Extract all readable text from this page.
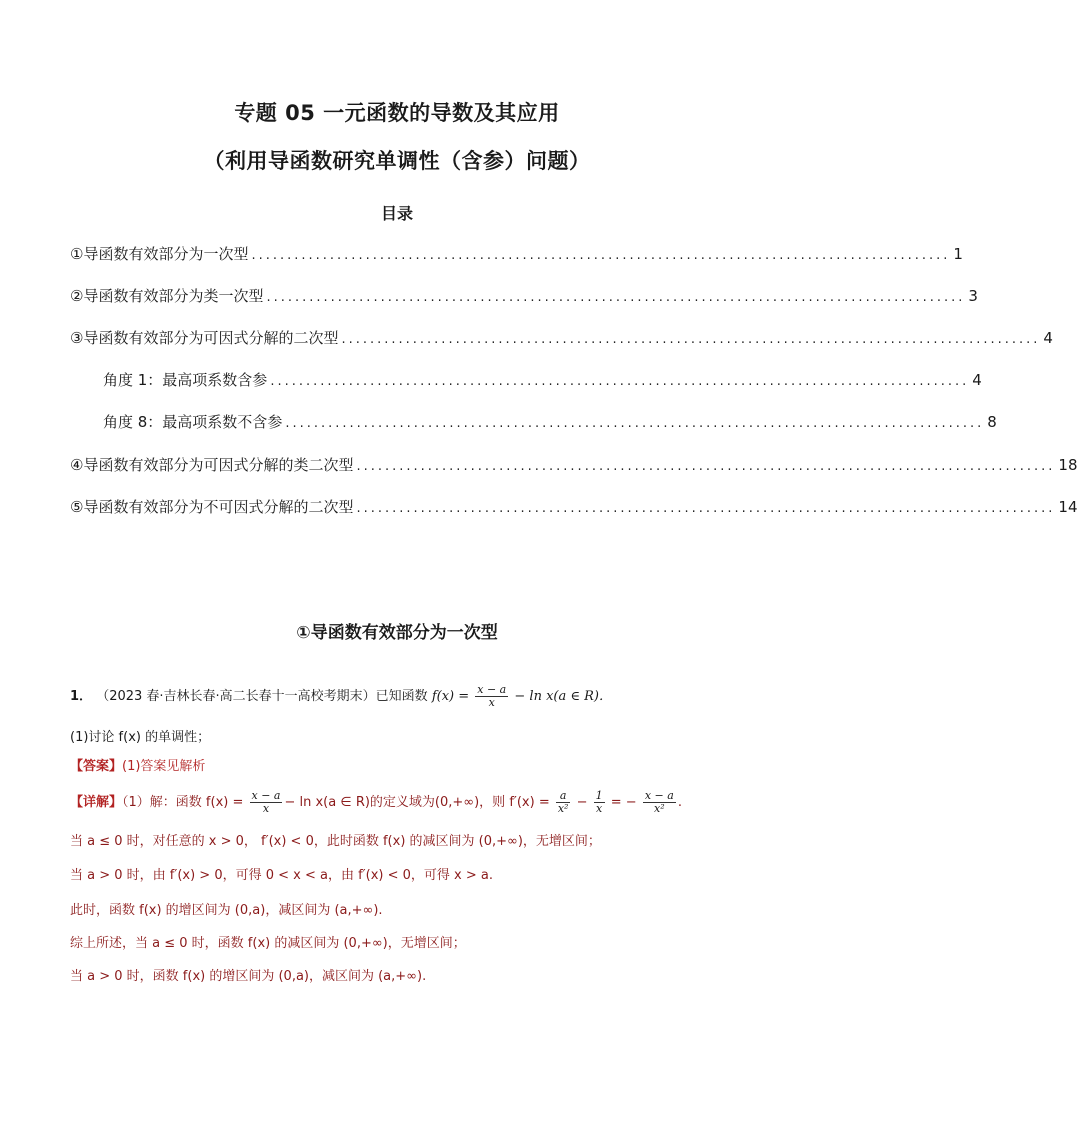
专题 05 一元函数的导数及其应用
（利用导函数研究单调性（含参）问题）
目录
①导函数有效部分为一次型 .................................................................................................. 1
②导函数有效部分为类一次型 .................................................................................................. 3
③导函数有效部分为可因式分解的二次型 .................................................................................................. 4
角度 1：最高项系数含参 .................................................................................................. 4
角度 8：最高项系数不含参 .................................................................................................. 8
④导函数有效部分为可因式分解的类二次型 .................................................................................................. 18
⑤导函数有效部分为不可因式分解的二次型 .................................................................................................. 14
①导函数有效部分为一次型
1． （2023 春·吉林长春·高二长春十一高校考期末）已知函数 $f(x) = \frac{x - a}{x} - \ln x(a$ ∈ R)．
(1)讨论 f(x) 的单调性；
【答案】(1)答案见解析
【详解】（1）解：函数 $f(x) = \frac{x - a}{x} - \ln x(a$ ∈ R)的定义域为(0,+∞)，则 $f'(x) = \frac{a}{\text{x²}} - \frac{1}{x}$ = − $\frac{x - a}{\text{x²}}$ .
当 a ≤ 0 时，对任意的 x > 0， f′(x) < 0，此时函数 f(x) 的减区间为 (0,+∞)，无增区间；
当 a > 0 时，由 f′(x) > 0，可得 0 < x < a，由 f′(x) < 0，可得 x > a.
此时，函数 f(x) 的增区间为 (0,a)，减区间为 (a,+∞).
综上所述，当 a ≤ 0 时，函数 f(x) 的减区间为 (0,+∞)，无增区间；
当 a > 0 时，函数 f(x) 的增区间为 (0,a)，减区间为 (a,+∞).
